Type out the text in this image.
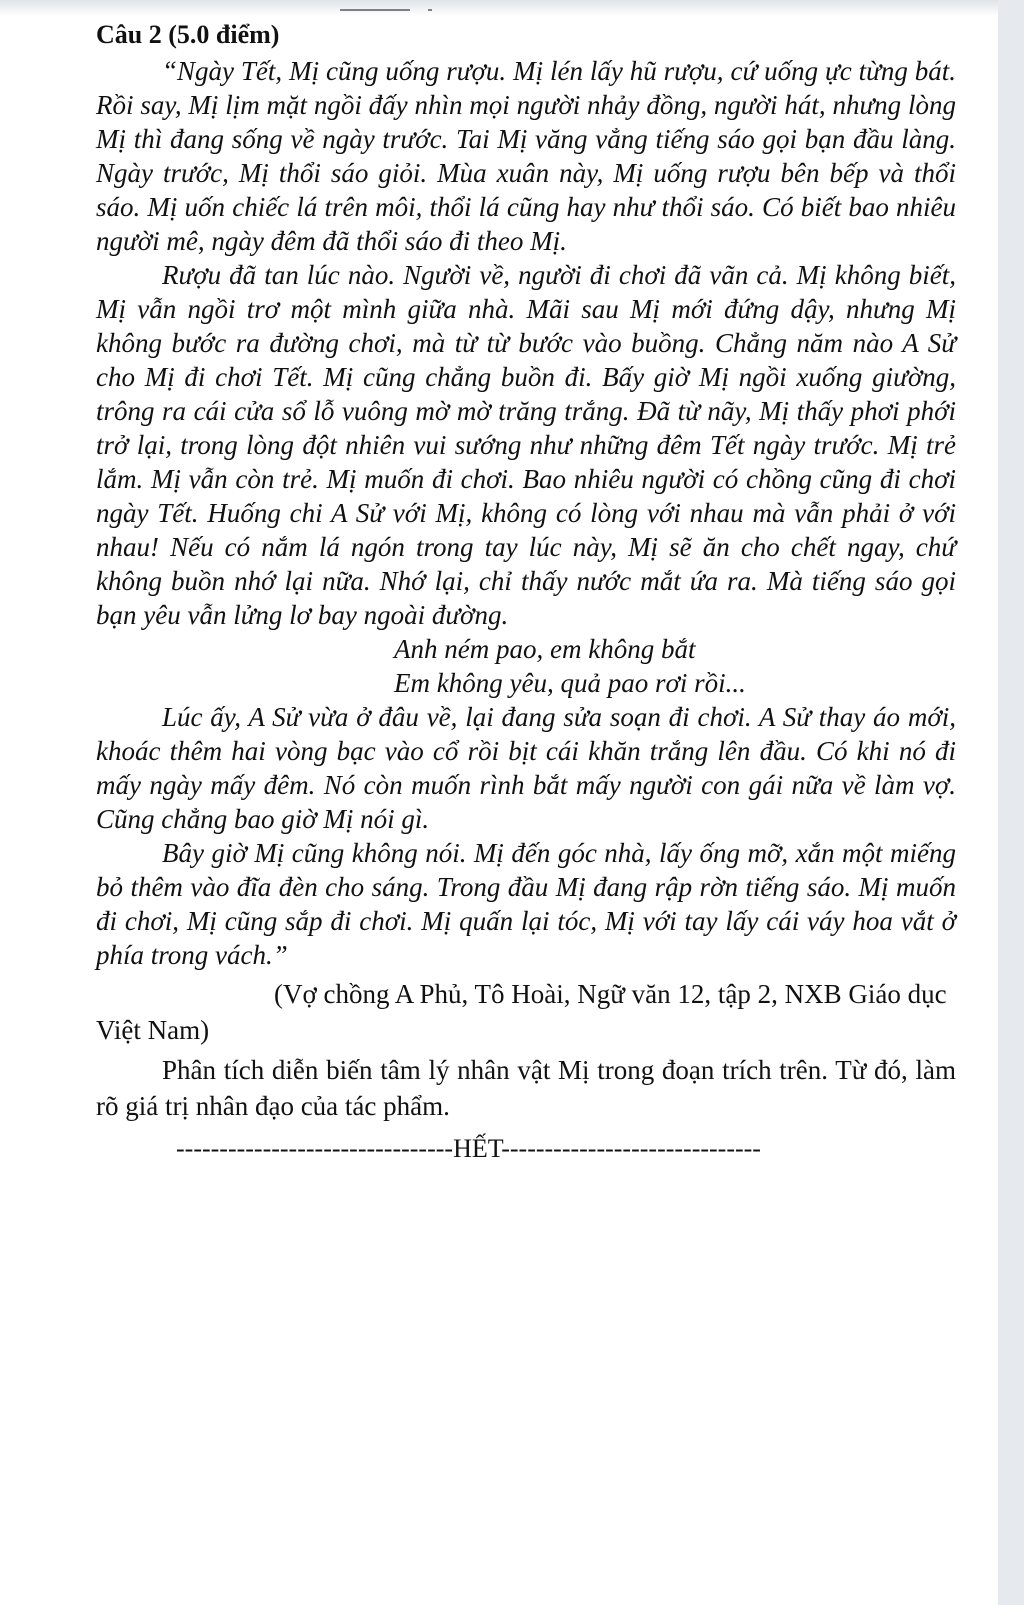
Câu 2 (5.0 điểm)

“Ngày Tết, Mị cũng uống rượu. Mị lén lấy hũ rượu, cứ uống ực từng bát. Rồi say, Mị lịm mặt ngồi đấy nhìn mọi người nhảy đồng, người hát, nhưng lòng Mị thì đang sống về ngày trước. Tai Mị văng vẳng tiếng sáo gọi bạn đầu làng. Ngày trước, Mị thổi sáo giỏi. Mùa xuân này, Mị uống rượu bên bếp và thổi sáo. Mị uốn chiếc lá trên môi, thổi lá cũng hay như thổi sáo. Có biết bao nhiêu người mê, ngày đêm đã thổi sáo đi theo Mị.

Rượu đã tan lúc nào. Người về, người đi chơi đã vãn cả. Mị không biết, Mị vẫn ngồi trơ một mình giữa nhà. Mãi sau Mị mới đứng dậy, nhưng Mị không bước ra đường chơi, mà từ từ bước vào buồng. Chẳng năm nào A Sử cho Mị đi chơi Tết. Mị cũng chẳng buồn đi. Bấy giờ Mị ngồi xuống giường, trông ra cái cửa sổ lỗ vuông mờ mờ trăng trắng. Đã từ nãy, Mị thấy phơi phới trở lại, trong lòng đột nhiên vui sướng như những đêm Tết ngày trước. Mị trẻ lắm. Mị vẫn còn trẻ. Mị muốn đi chơi. Bao nhiêu người có chồng cũng đi chơi ngày Tết. Huống chi A Sử với Mị, không có lòng với nhau mà vẫn phải ở với nhau! Nếu có nắm lá ngón trong tay lúc này, Mị sẽ ăn cho chết ngay, chứ không buồn nhớ lại nữa. Nhớ lại, chỉ thấy nước mắt ứa ra. Mà tiếng sáo gọi bạn yêu vẫn lửng lơ bay ngoài đường.

Anh ném pao, em không bắt

Em không yêu, quả pao rơi rồi...

Lúc ấy, A Sử vừa ở đâu về, lại đang sửa soạn đi chơi. A Sử thay áo mới, khoác thêm hai vòng bạc vào cổ rồi bịt cái khăn trắng lên đầu. Có khi nó đi mấy ngày mấy đêm. Nó còn muốn rình bắt mấy người con gái nữa về làm vợ. Cũng chẳng bao giờ Mị nói gì.

Bây giờ Mị cũng không nói. Mị đến góc nhà, lấy ống mỡ, xắn một miếng bỏ thêm vào đĩa đèn cho sáng. Trong đầu Mị đang rập rờn tiếng sáo. Mị muốn đi chơi, Mị cũng sắp đi chơi. Mị quấn lại tóc, Mị với tay lấy cái váy hoa vắt ở phía trong vách.”

(Vợ chồng A Phủ, Tô Hoài, Ngữ văn 12, tập 2, NXB Giáo dục Việt Nam)

Phân tích diễn biến tâm lý nhân vật Mị trong đoạn trích trên. Từ đó, làm rõ giá trị nhân đạo của tác phẩm.

--------------------------------HẾT------------------------------
